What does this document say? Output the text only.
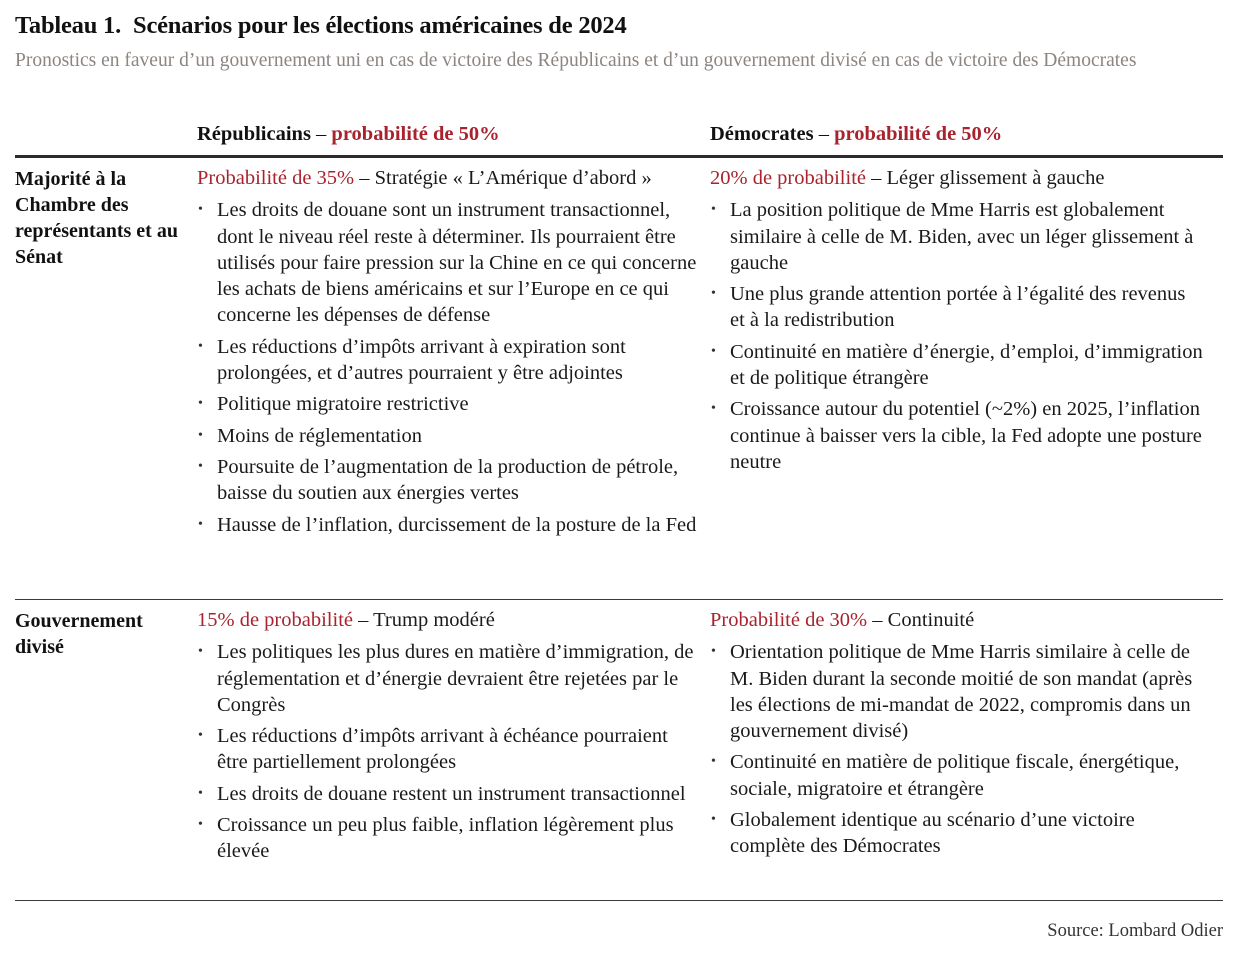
Tableau 1. Scénarios pour les élections américaines de 2024
Pronostics en faveur d’un gouvernement uni en cas de victoire des Républicains et d’un gouvernement divisé en cas de victoire des Démocrates
Républicains – probabilité de 50%	Démocrates – probabilité de 50%
Majorité à la Chambre des représentants et au Sénat
Probabilité de 35% – Stratégie « L’Amérique d’abord »
• Les droits de douane sont un instrument transactionnel, dont le niveau réel reste à déterminer. Ils pourraient être utilisés pour faire pression sur la Chine en ce qui concerne les achats de biens américains et sur l’Europe en ce qui concerne les dépenses de défense
• Les réductions d’impôts arrivant à expiration sont prolongées, et d’autres pourraient y être adjointes
• Politique migratoire restrictive
• Moins de réglementation
• Poursuite de l’augmentation de la production de pétrole, baisse du soutien aux énergies vertes
• Hausse de l’inflation, durcissement de la posture de la Fed
20% de probabilité – Léger glissement à gauche
• La position politique de Mme Harris est globalement similaire à celle de M. Biden, avec un léger glissement à gauche
• Une plus grande attention portée à l’égalité des revenus et à la redistribution
• Continuité en matière d’énergie, d’emploi, d’immigration et de politique étrangère
• Croissance autour du potentiel (~2%) en 2025, l’inflation continue à baisser vers la cible, la Fed adopte une posture neutre
Gouvernement divisé
15% de probabilité – Trump modéré
• Les politiques les plus dures en matière d’immigration, de réglementation et d’énergie devraient être rejetées par le Congrès
• Les réductions d’impôts arrivant à échéance pourraient être partiellement prolongées
• Les droits de douane restent un instrument transactionnel
• Croissance un peu plus faible, inflation légèrement plus élevée
Probabilité de 30% – Continuité
• Orientation politique de Mme Harris similaire à celle de M. Biden durant la seconde moitié de son mandat (après les élections de mi-mandat de 2022, compromis dans un gouvernement divisé)
• Continuité en matière de politique fiscale, énergétique, sociale, migratoire et étrangère
• Globalement identique au scénario d’une victoire complète des Démocrates
Source: Lombard Odier
